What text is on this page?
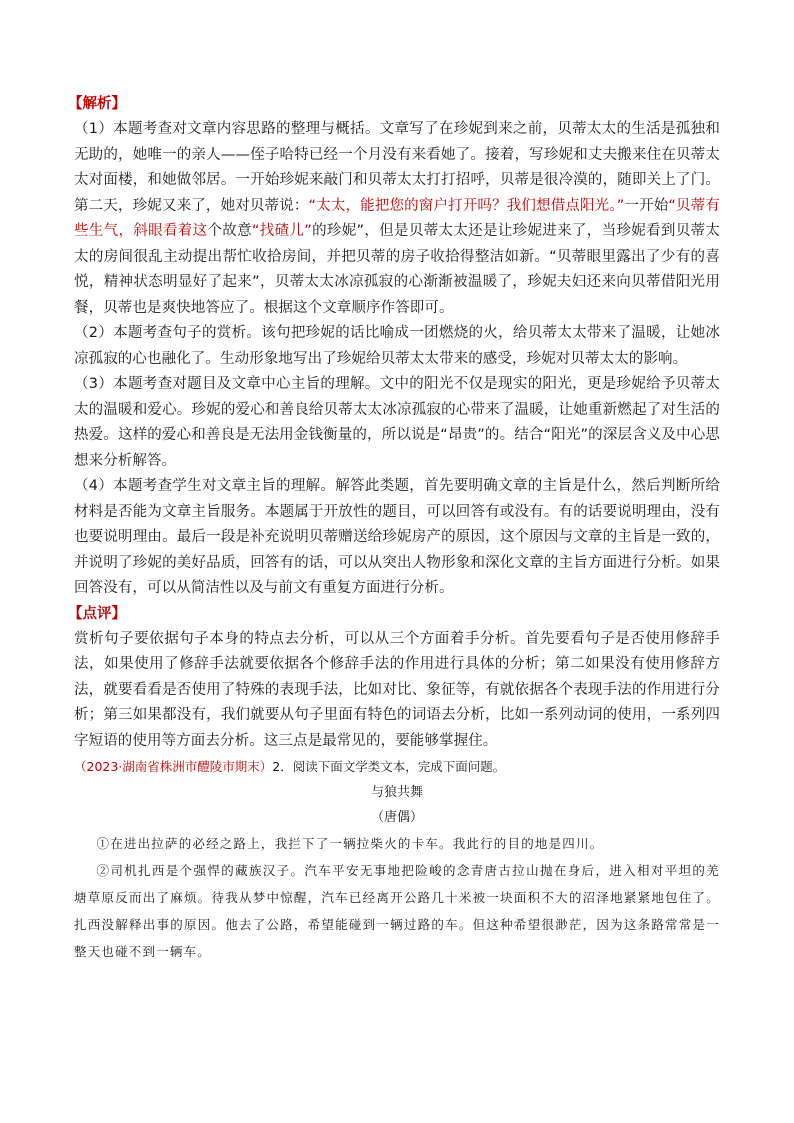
【解析】

（1）本题考查对文章内容思路的整理与概括。文章写了在珍妮到来之前，贝蒂太太的生活是孤独和无助的，她唯一的亲人——侄子哈特已经一个月没有来看她了。接着，写珍妮和丈夫搬来住在贝蒂太太对面楼，和她做邻居。一开始珍妮来敲门和贝蒂太太打打招呼，贝蒂是很冷漠的，随即关上了门。第二天，珍妮又来了，她对贝蒂说：“太太，能把您的窗户打开吗？我们想借点阳光。”一开始“贝蒂有些生气，斜眼看着这个故意“找碴儿”的珍妮”，但是贝蒂太太还是让珍妮进来了，当珍妮看到贝蒂太太的房间很乱主动提出帮忙收拾房间，并把贝蒂的房子收拾得整洁如新。“贝蒂眼里露出了少有的喜悦，精神状态明显好了起来”，贝蒂太太冰凉孤寂的心渐渐被温暖了，珍妮夫妇还来向贝蒂借阳光用餐，贝蒂也是爽快地答应了。根据这个文章顺序作答即可。

（2）本题考查句子的赏析。该句把珍妮的话比喻成一团燃烧的火，给贝蒂太太带来了温暖，让她冰凉孤寂的心也融化了。生动形象地写出了珍妮给贝蒂太太带来的感受，珍妮对贝蒂太太的影响。

（3）本题考查对题目及文章中心主旨的理解。文中的阳光不仅是现实的阳光，更是珍妮给予贝蒂太太的温暖和爱心。珍妮的爱心和善良给贝蒂太太冰凉孤寂的心带来了温暖，让她重新燃起了对生活的热爱。这样的爱心和善良是无法用金钱衡量的，所以说是“昂贵”的。结合“阳光”的深层含义及中心思想来分析解答。

（4）本题考查学生对文章主旨的理解。解答此类题，首先要明确文章的主旨是什么，然后判断所给材料是否能为文章主旨服务。本题属于开放性的题目，可以回答有或没有。有的话要说明理由，没有也要说明理由。最后一段是补充说明贝蒂赠送给珍妮房产的原因，这个原因与文章的主旨是一致的，并说明了珍妮的美好品质，回答有的话，可以从突出人物形象和深化文章的主旨方面进行分析。如果回答没有，可以从简洁性以及与前文有重复方面进行分析。

【点评】

赏析句子要依据句子本身的特点去分析，可以从三个方面着手分析。首先要看句子是否使用修辞手法，如果使用了修辞手法就要依据各个修辞手法的作用进行具体的分析；第二如果没有使用修辞方法，就要看看是否使用了特殊的表现手法，比如对比、象征等，有就依据各个表现手法的作用进行分析；第三如果都没有，我们就要从句子里面有特色的词语去分析，比如一系列动词的使用，一系列四字短语的使用等方面去分析。这三点是最常见的，要能够掌握住。

（2023·湖南省株洲市醴陵市期末）2．阅读下面文学类文本，完成下面问题。
与狼共舞
（唐偶）

①在进出拉萨的必经之路上，我拦下了一辆拉柴火的卡车。我此行的目的地是四川。

②司机扎西是个强悍的藏族汉子。汽车平安无事地把险峻的念青唐古拉山抛在身后，进入相对平坦的羌塘草原反而出了麻烦。待我从梦中惊醒，汽车已经离开公路几十米被一块面积不大的沼泽地紧紧地包住了。扎西没解释出事的原因。他去了公路，希望能碰到一辆过路的车。但这种希望很渺茫，因为这条路常常是一整天也碰不到一辆车。
